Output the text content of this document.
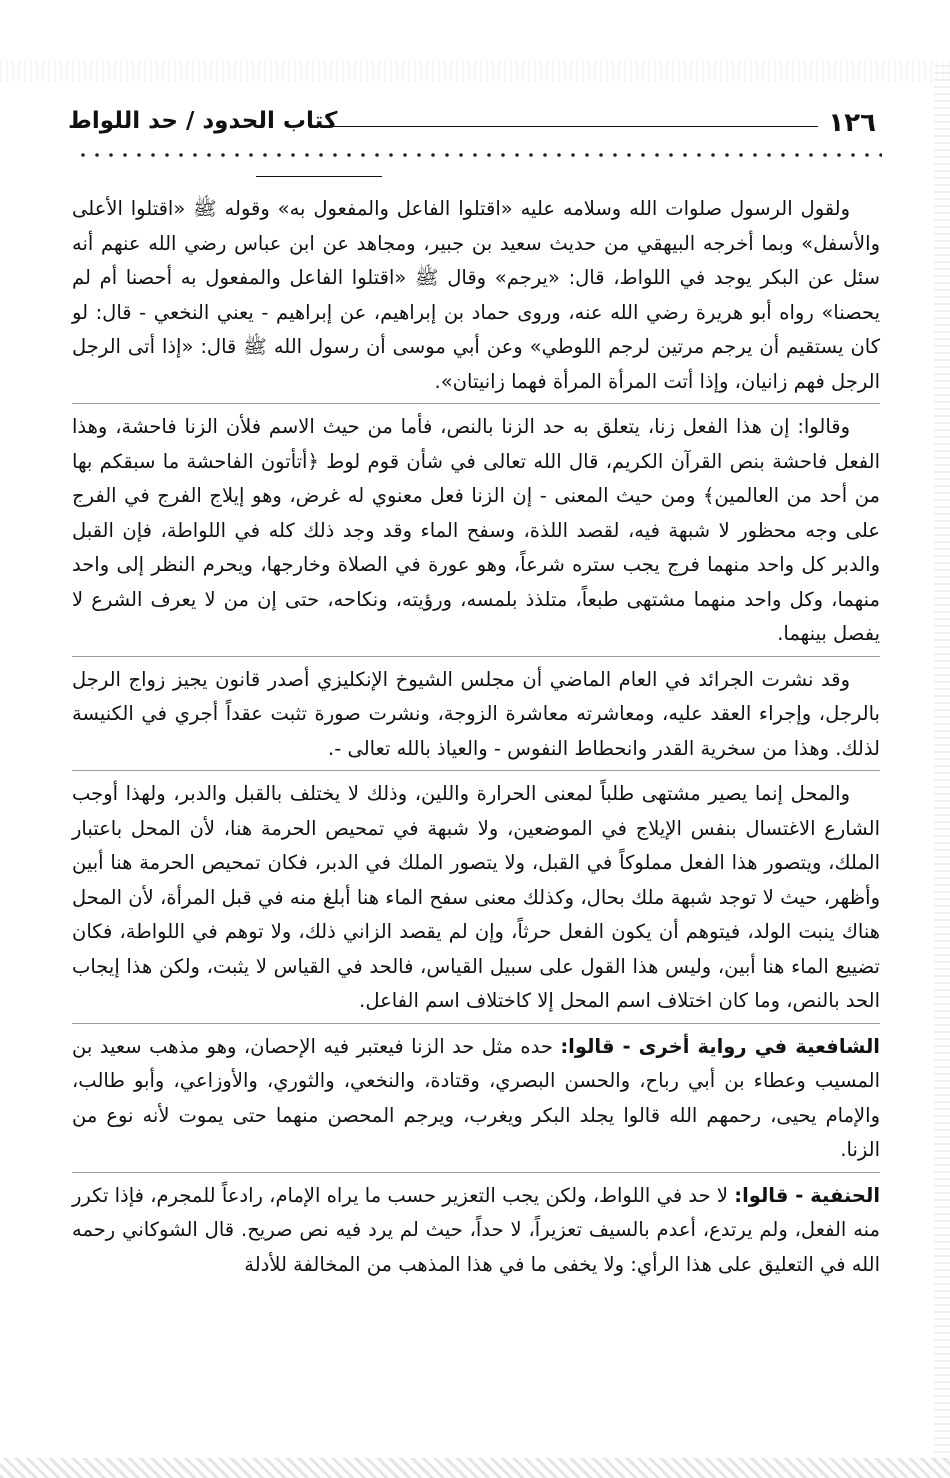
١٢٦
كتاب الحدود / حد اللواط

ولقول الرسول صلوات الله وسلامه عليه «اقتلوا الفاعل والمفعول به» وقوله ﷺ «اقتلوا الأعلى والأسفل» وبما أخرجه البيهقي من حديث سعيد بن جبير، ومجاهد عن ابن عباس رضي الله عنهم أنه سئل عن البكر يوجد في اللواط، قال: «يرجم» وقال ﷺ «اقتلوا الفاعل والمفعول به أحصنا أم لم يحصنا» رواه أبو هريرة رضي الله عنه، وروى حماد بن إبراهيم، عن إبراهيم - يعني النخعي - قال: لو كان يستقيم أن يرجم مرتين لرجم اللوطي» وعن أبي موسى أن رسول الله ﷺ قال: «إذا أتى الرجل الرجل فهم زانيان، وإذا أتت المرأة المرأة فهما زانيتان».

وقالوا: إن هذا الفعل زنا، يتعلق به حد الزنا بالنص، فأما من حيث الاسم فلأن الزنا فاحشة، وهذا الفعل فاحشة بنص القرآن الكريم، قال الله تعالى في شأن قوم لوط ﴿أتأتون الفاحشة ما سبقكم بها من أحد من العالمين﴾ ومن حيث المعنى - إن الزنا فعل معنوي له غرض، وهو إيلاج الفرج في الفرج على وجه محظور لا شبهة فيه، لقصد اللذة، وسفح الماء وقد وجد ذلك كله في اللواطة، فإن القبل والدبر كل واحد منهما فرج يجب ستره شرعاً، وهو عورة في الصلاة وخارجها، ويحرم النظر إلى واحد منهما، وكل واحد منهما مشتهى طبعاً، متلذذ بلمسه، ورؤيته، ونكاحه، حتى إن من لا يعرف الشرع لا يفصل بينهما.

وقد نشرت الجرائد في العام الماضي أن مجلس الشيوخ الإنكليزي أصدر قانون يجيز زواج الرجل بالرجل، وإجراء العقد عليه، ومعاشرته معاشرة الزوجة، ونشرت صورة تثبت عقداً أجري في الكنيسة لذلك. وهذا من سخرية القدر وانحطاط النفوس - والعياذ بالله تعالى -.

والمحل إنما يصير مشتهى طلباً لمعنى الحرارة واللين، وذلك لا يختلف بالقبل والدبر، ولهذا أوجب الشارع الاغتسال بنفس الإيلاج في الموضعين، ولا شبهة في تمحيص الحرمة هنا، لأن المحل باعتبار الملك، ويتصور هذا الفعل مملوكاً في القبل، ولا يتصور الملك في الدبر، فكان تمحيص الحرمة هنا أبين وأظهر، حيث لا توجد شبهة ملك بحال، وكذلك معنى سفح الماء هنا أبلغ منه في قبل المرأة، لأن المحل هناك ينبت الولد، فيتوهم أن يكون الفعل حرثاً، وإن لم يقصد الزاني ذلك، ولا توهم في اللواطة، فكان تضييع الماء هنا أبين، وليس هذا القول على سبيل القياس، فالحد في القياس لا يثبت، ولكن هذا إيجاب الحد بالنص، وما كان اختلاف اسم المحل إلا كاختلاف اسم الفاعل.

الشافعية في رواية أخرى - قالوا: حده مثل حد الزنا فيعتبر فيه الإحصان، وهو مذهب سعيد بن المسيب وعطاء بن أبي رباح، والحسن البصري، وقتادة، والنخعي، والثوري، والأوزاعي، وأبو طالب، والإمام يحيى، رحمهم الله قالوا يجلد البكر ويغرب، ويرجم المحصن منهما حتى يموت لأنه نوع من الزنا.

الحنفية - قالوا: لا حد في اللواط، ولكن يجب التعزير حسب ما يراه الإمام، رادعاً للمجرم، فإذا تكرر منه الفعل، ولم يرتدع، أعدم بالسيف تعزيراً، لا حداً، حيث لم يرد فيه نص صريح. قال الشوكاني رحمه الله في التعليق على هذا الرأي: ولا يخفى ما في هذا المذهب من المخالفة للأدلة
